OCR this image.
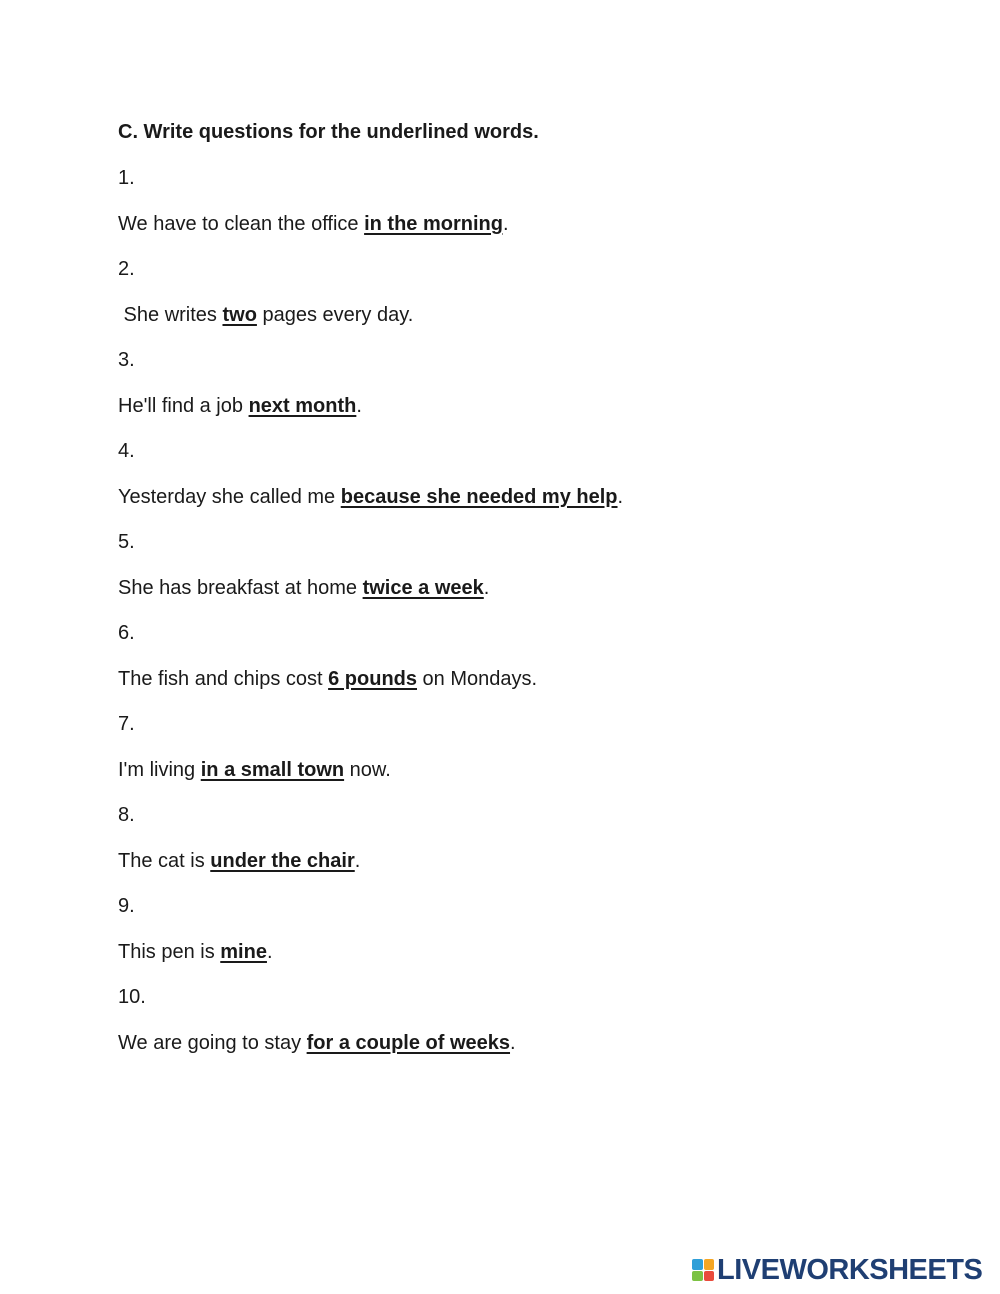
C. Write questions for the underlined words.
1.
We have to clean the office in the morning.
2.
She writes two pages every day.
3.
He'll find a job next month.
4.
Yesterday she called me because she needed my help.
5.
She has breakfast at home twice a week.
6.
The fish and chips cost 6 pounds on Mondays.
7.
I'm living in a small town now.
8.
The cat is under the chair.
9.
This pen is mine.
10.
We are going to stay for a couple of weeks.
LIVEWORKSHEETS
